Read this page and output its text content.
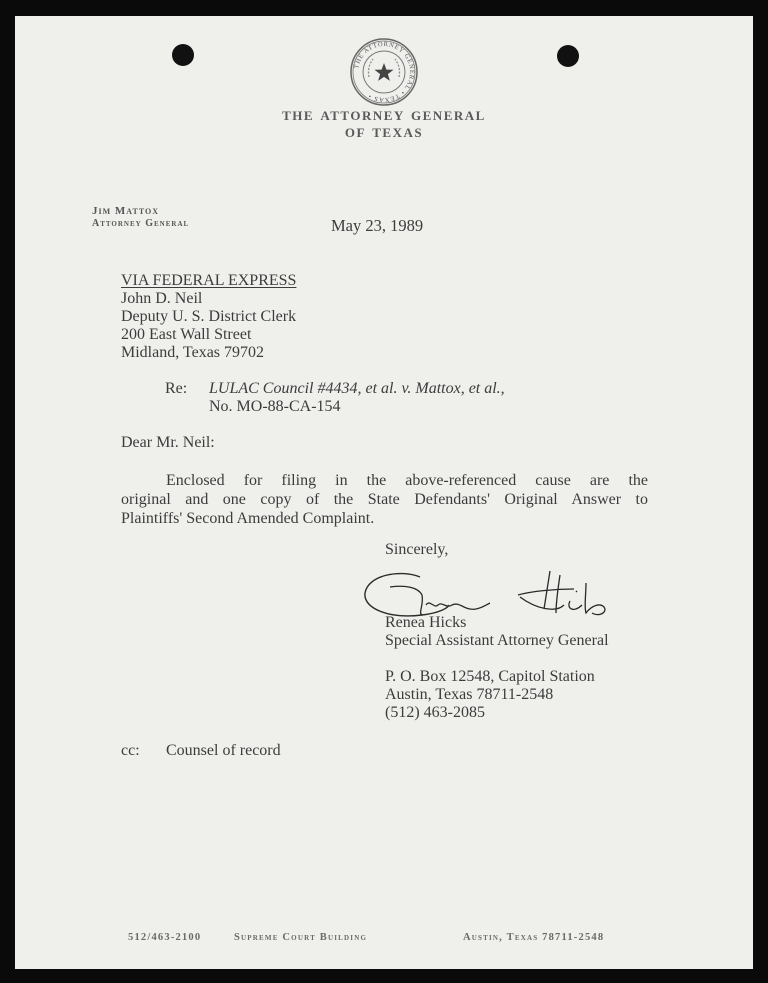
THE ATTORNEY GENERAL • TEXAS •
the attorney general
of texas
Jim Mattox
Attorney General	May 23, 1989
VIA FEDERAL EXPRESS
John D. Neil
Deputy U. S. District Clerk
200 East Wall Street
Midland, Texas 79702
Re: LULAC Council #4434, et al. v. Mattox, et al.,
No. MO-88-CA-154
Dear Mr. Neil:
Enclosed for filing in the above-referenced cause are the
original and one copy of the State Defendants' Original Answer to
Plaintiffs' Second Amended Complaint.
Sincerely,
Renea Hicks
Special Assistant Attorney General
P. O. Box 12548, Capitol Station
Austin, Texas 78711-2548
(512) 463-2085
cc: Counsel of record
512/463-2100	Supreme Court Building	Austin, Texas 78711-2548
